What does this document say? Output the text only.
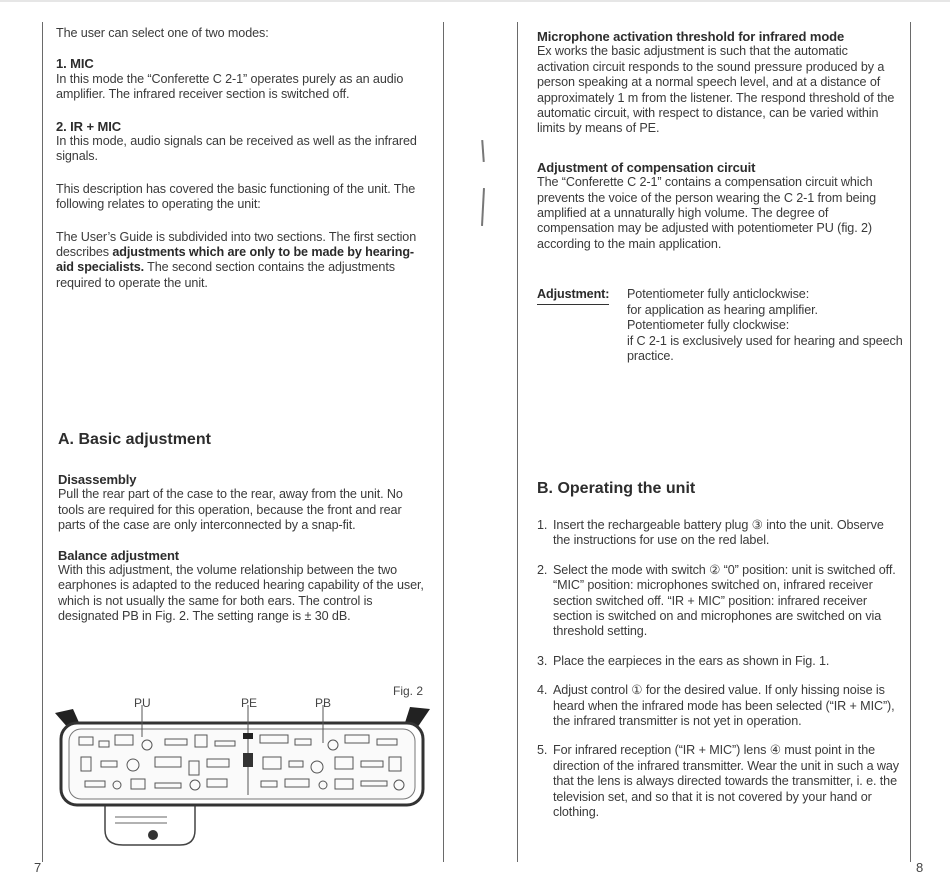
The user can select one of two modes:

1. MIC

In this mode the “Conferette C 2-1” operates purely as an audio amplifier. The infrared receiver section is switched off.

2. IR + MIC

In this mode, audio signals can be received as well as the infrared signals.

This description has covered the basic functioning of the unit. The following relates to operating the unit:

The User’s Guide is subdivided into two sections. The first section describes adjustments which are only to be made by hearing-aid specialists. The second section contains the adjustments required to operate the unit.

A. Basic adjustment

Disassembly

Pull the rear part of the case to the rear, away from the unit. No tools are required for this operation, because the front and rear parts of the case are only interconnected by a snap-fit.

Balance adjustment

With this adjustment, the volume relationship between the two earphones is adapted to the reduced hearing capability of the user, which is not usually the same for both ears. The control is designated PB in Fig. 2. The setting range is ± 30 dB.

Fig. 2
PU	PE	PB
7

Microphone activation threshold for infrared mode

Ex works the basic adjustment is such that the automatic activation circuit responds to the sound pressure produced by a person speaking at a normal speech level, and at a distance of approximately 1 m from the listener. The respond threshold of the automatic circuit, with respect to distance, can be varied within limits by means of PE.

Adjustment of compensation circuit

The “Conferette C 2-1” contains a compensation circuit which prevents the voice of the person wearing the C 2-1 from being amplified at a unnaturally high volume. The degree of compensation may be adjusted with potentiometer PU (fig. 2) according to the main application.

Adjustment:	Potentiometer fully anticlockwise:

for application as hearing amplifier.

Potentiometer fully clockwise:

if C 2-1 is exclusively used for hearing and speech practice.

B. Operating the unit
1. Insert the rechargeable battery plug ③ into the unit. Observe the instructions for use on the red label.
2. Select the mode with switch ② “0” position: unit is switched off. “MIC” position: microphones switched on, infrared receiver section switched off. “IR + MIC” position: infrared receiver section is switched on and microphones are switched on via threshold setting.
3. Place the earpieces in the ears as shown in Fig. 1.
4. Adjust control ① for the desired value. If only hissing noise is heard when the infrared mode has been selected (“IR + MIC”), the infrared transmitter is not yet in operation.
5. For infrared reception (“IR + MIC”) lens ④ must point in the direction of the infrared transmitter. Wear the unit in such a way that the lens is always directed towards the transmitter, i. e. the television set, and so that it is not covered by your hand or clothing.
8
